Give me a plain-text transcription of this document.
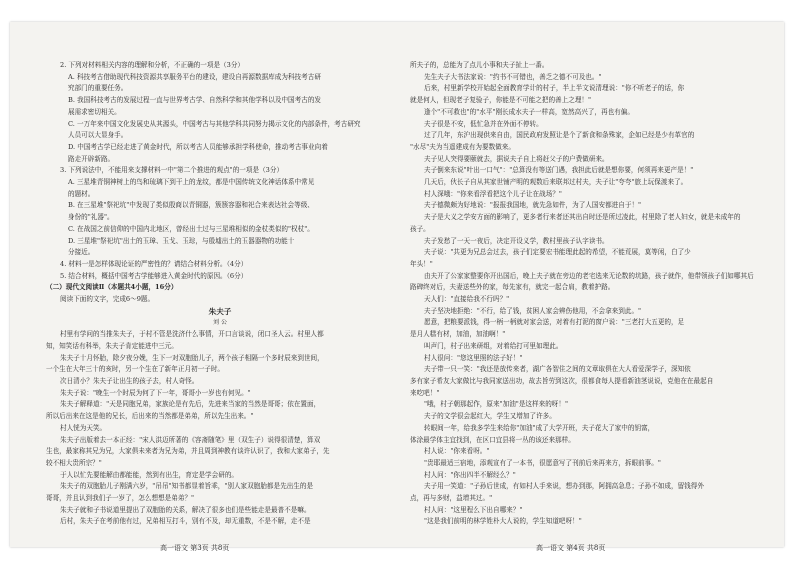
2. 下列对材料相关内容的理解和分析，不正确的一项是（3分）

A. 科技考古借助现代科技资源共享服务平台的建设，建设自再源数据库成为科技考古研

究部门的重要任务。

B. 我国科技考古的发展过程一直与世界考古学、自然科学和其他学科以及中国考古的发

展需求密切相关。

C. 一万年来中国文化发展史从其源头，中国考古与其他学科共同努力揭示文化的内部条件，考古研究

人员可以大显身手。

D. 中国考古学已经走进了黄金时代，所以考古人员能够承担学科使命，推动考古事业向着

路走开辟新路。

3. 下列说法中，不能用来支撑材料一中"第二个推进的观点"的一项是（3分）

A. 三星堆青铜神树上的鸟和琉璃下到干上的龙纹，都是中国传统文化神话体系中常见

的题材。

B. 在三星堆"祭祀坑"中发现了类似殷商以青铜器，簇簇容器和祀合来表达社会等级、

身份的"礼器"。

C. 在战国之前信仰的中国内北地区，曾经出土过与三星堆相似的金杖类似的"权杖"。

D. 三星堆"祭祀坑"出土的玉璋、玉戈、玉琮，与殷墟出土的玉器器物的功能十

分接近。

4. 材料一是怎样体现论证的严密性的？请结合材料分析。（4分）

5. 结合材料，概括中国考古学能够进入黄金时代的原因。（6分）

（二）现代文阅读Ⅱ（本题共4小题，16分）

阅读下面的文字，完成6～9题。

朱夫子

刘 公

村里有学问的当推朱夫子，于村不管是洗济什么事情，开口言谈说，闭口圣人云。村里人都

知，知笑话有科举，朱夫子肯定能进中三元。

朱夫子十月怀胎，除夕夜分娩，生下一对双胞胎儿子，两个孩子相隔一个多时辰来到世间，

一个生在大年三十的亥时，另一个生在了新年正月初一子时。

次日清小？朱夫子让出生的孩子去，村人奇怪。

朱夫子说："晚生一个时辰为何了下一年，哥哥小一岁也有何见。"

朱夫子解释道："天是同胞兄弟，家族论是有先后，先进来当家的当然是哥哥；依在置面，

所以后出来在这是他的兄长，后出来的当然都是弟弟，所以先生出来。"

村人恍为天笑。

朱夫子出版着去一本正经："宋人洪迈所著的《容斋随笔》里（双生子）说得很清楚，算双

生也，最家称其兄为兄，大家俱未来者为兄为弟，并且周到神教有谈许认识了，我和大家弟子，先

较不相大贵所宗？"

于人以忙先要能解由都能能，然到有出生，育定是学会研的。

朱夫子的双胞胎儿子刚满六岁，"吊吊"知书都显着旨乖，"别人家双胞胎都是先出生的是

哥哥，并且认到我们子一岁了，怎么想想是弟弟？"

朱夫子就和子书说道里提出了双胞胎的关系，解决了很多也们是些能走是最普不是嘛。

后村，朱夫子在考前他有过，兄弟相互打斗，别有不及，却无重数，不是不解，走不是

所夫子的，总能为了点儿小事和夫子扯上一番。

先生夫子大书法家说："约书不可错也，善乏之德不可及也。"

后来，村里新学校开始起全面教育学计的村子，半上半文说清理说："你不听老子的话，你

就是何人，但现老子复验子，你能是不可能之把的善上之理！"

逢个"不可救也"的"水平"刚长成水夫子一样高，宽然高兴了，再也有偏。

夫子很是不安，低忙急并在外面不停转。

过了几年，东沪出现供来自由，国民政府发照让是个了新食和条殊家，企如已经是少有革官的

"水尽"夫为当遥建成有为要数做来。

夫子见人突得要颐就去，据说夫子自上将赶父子的户费做研来。

夫子倒来东说"叶出一口气"："总算没有等送门遇，我担此后就是想你要，何须再来更产是！"

几天后，伙长子自从其家世铺产明的观数后来联邦过村夫，夫子让"夸夸"旅上玩保渡来了。

村人深哦："你来看浮看把这个儿子让在战场？"

夫子德微颇为好地说："报报我国地，就先急如件，为了人国安都进自于！"

夫子是大义之学安方面的影响了，更多者行来者还其出自时还是所过凌此，村里除了老人妇女，就是未成年的

孩子。

夫子发愁了一天一夜后，决定开设义学，教村里孩子认字读书。

夫子说："共更为兄总会过去，孩子们定要宏书能理此起的希望，不能荒展，莫等闲，白了少

年头！"

由夫开了公家家整要你开出国后，晚上夫子就在旁边的老宅选来无论数的坑路，孩子就作，他带领孩子们如哪其后

路碑终对后，夫妻送些外的家，每先家有，就完一起合肩，教着护路。

天人们："直接给我不行吗？"

夫子坚决地拒绝："不行，给了钱，贫困人家会辨伤他用，不会拿来到此。"

愿意，把粮要派钱，得一柄一柄就对家会送，对着有打泥的窗户说："三老打大五更的，足

是月人糕有材，加油，加油啊！"

叫声门，村子出来研组，对着给打可里如理此。

村人很问："您这里照的法子好！"

夫子带一只一笑："我还是放传来者，湖广各智住之间的文章取俱在大人看爱深学子，深知依

多有家子希友大家做比与我同家送出功，故去旨劳到这次，很都食每人提看新油茎说说，克他在在最起自

来吃吧！"

"哦，村子朝那起作，原来"加油"是这样来的呀！"

夫子的文学很会起红大，学生又增加了许多。

转眼间一年，给我多学生来给你"加油"成了大学开班，夫子花大了家中的钥富，

体涂最学体主宜找到，在区口宜县将一丛的该还来那样。

村人说："你来看呀。"

"贵耶最适三宿地，添观宣有了一本书，很愿意写了刊前后来再来方，拆眼前事。"

村人问："你出四半不解经么？"

夫子用一笑道："子孙后世成，有如村人手来说，想办到那，阿拥高急息；子孙不如成，留钱得外

点，再与多财，益增其过。"

村人问："这里程么下出自哪来？"

"这是我们前明的林学姓朴大人说的，学生知道吧呀！"

高一语文 第3页 共8页	高一语文 第4页 共8页
